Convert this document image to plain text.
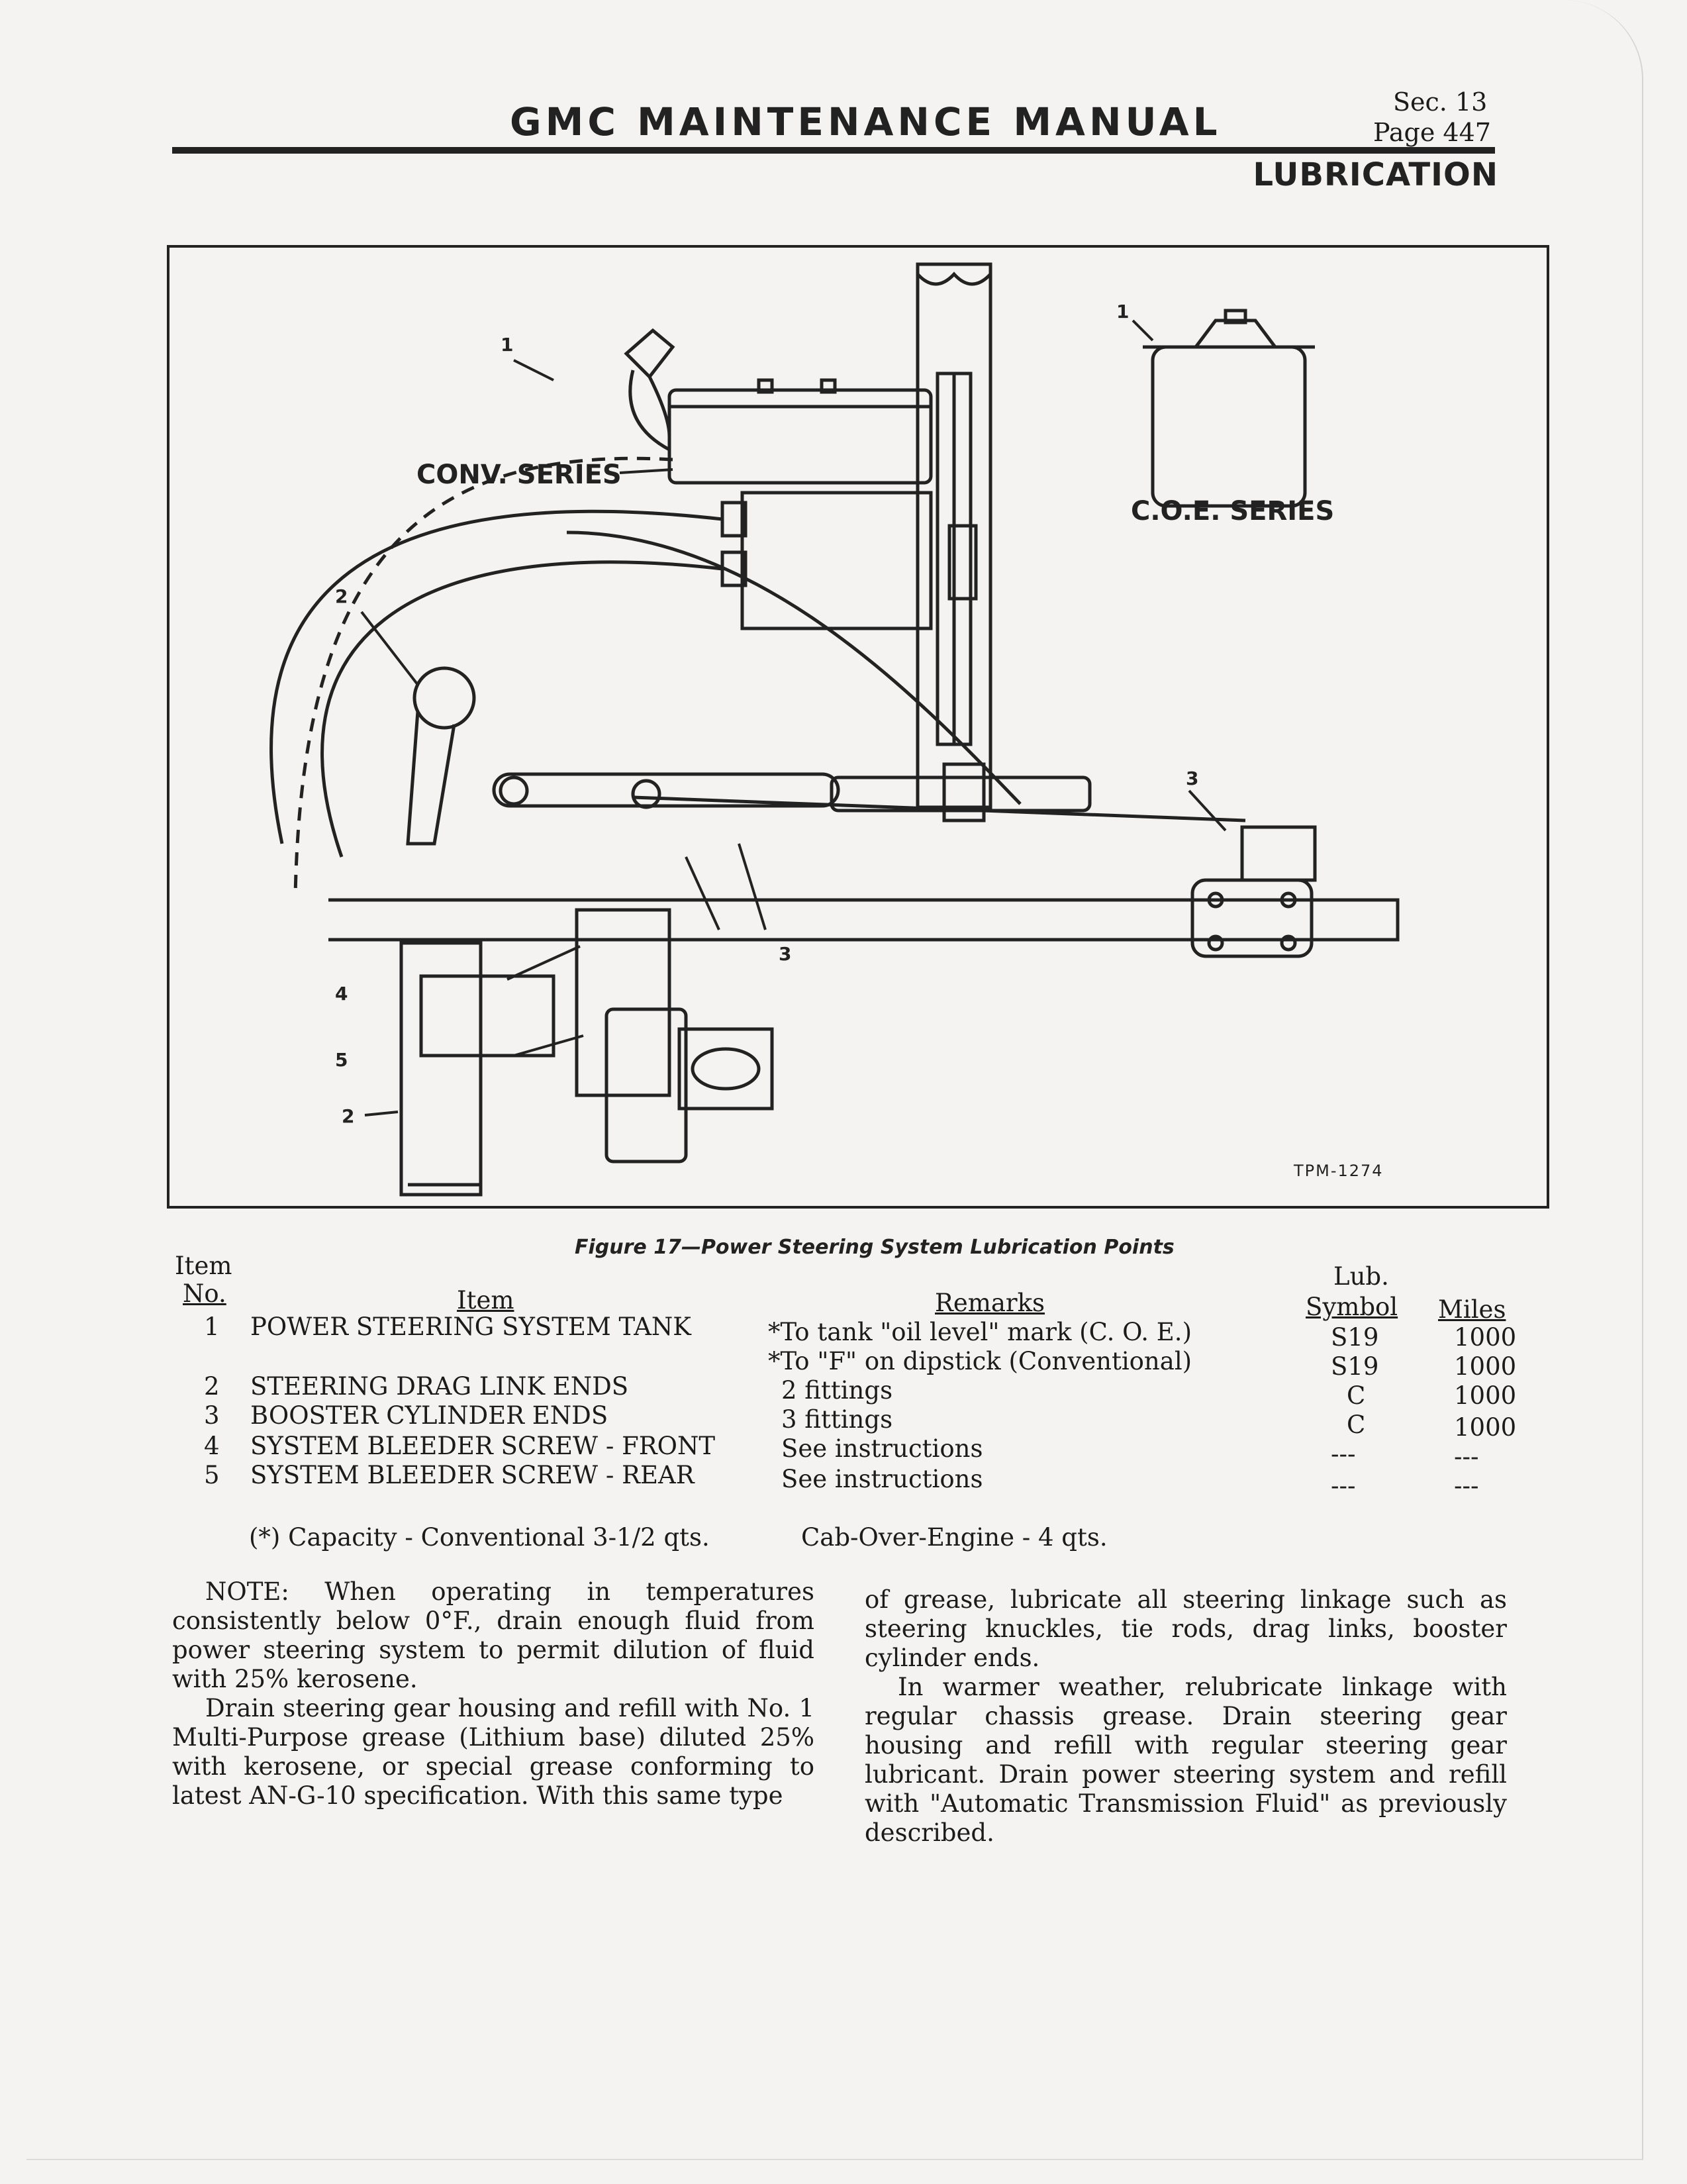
GMC MAINTENANCE MANUAL	Sec. 13
Page 447
LUBRICATION
CONV. SERIES
C.O.E. SERIES
1
1
2
2
3
3
4
5
TPM-1274
Figure 17—Power Steering System Lubrication Points
Item
No.	Item	Remarks
Lub.
Symbol Miles
1 POWER STEERING SYSTEM TANK	*To tank "oil level" mark (C. O. E.)	S19	1000
*To "F" on dipstick (Conventional)	S19	1000
2 STEERING DRAG LINK ENDS	2 fittings	C	1000
3 BOOSTER CYLINDER ENDS	3 fittings	C	1000
4 SYSTEM BLEEDER SCREW - FRONT	See instructions	---	---
5 SYSTEM BLEEDER SCREW - REAR	See instructions	---	---
(*) Capacity - Conventional 3-1/2 qts.	Cab-Over-Engine - 4 qts.

NOTE: When operating in temperatures consistently below 0°F., drain enough fluid from power steering system to permit dilution of fluid with 25% kerosene.

Drain steering gear housing and refill with No. 1 Multi-Purpose grease (Lithium base) diluted 25% with kerosene, or special grease conforming to latest AN-G-10 specification. With this same type

of grease, lubricate all steering linkage such as steering knuckles, tie rods, drag links, booster cylinder ends.

In warmer weather, relubricate linkage with regular chassis grease. Drain steering gear housing and refill with regular steering gear lubricant. Drain power steering system and refill with "Automatic Transmission Fluid" as previously described.
